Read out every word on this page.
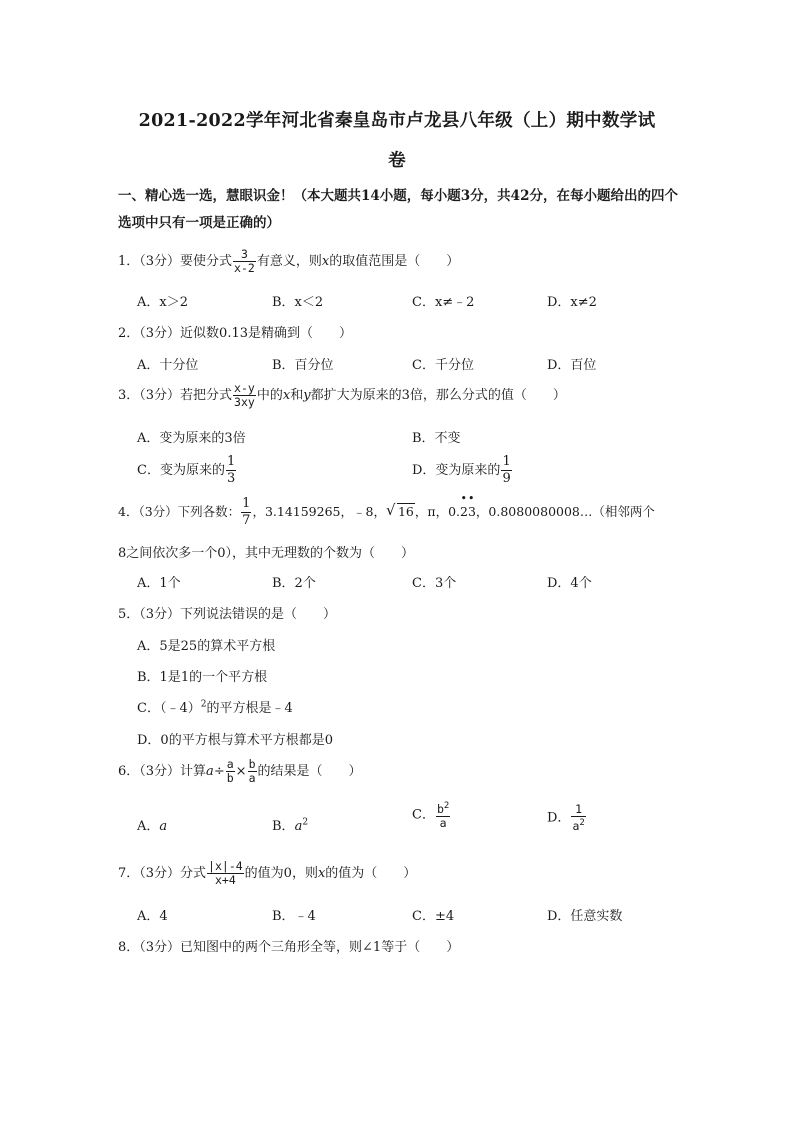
2021-2022学年河北省秦皇岛市卢龙县八年级（上）期中数学试
卷
一、精心选一选，慧眼识金！（本大题共14小题，每小题3分，共42分，在每小题给出的四个选项中只有一项是正确的）
1．（3分）要使分式 $\frac{3}{x-2}$ 有意义，则x的取值范围是（　　）
A．x＞2	B．x＜2	C．x≠﹣2	D．x≠2
2．（3分）近似数0.13是精确到（　　）
A．十分位	B．百分位	C．千分位	D．百位
3．（3分）若把分式 $\frac{x-y}{3xy}$ 中的x和y都扩大为原来的3倍，那么分式的值（　　）
A．变为原来的3倍	B．不变
C．变为原来的 $\frac{1}{3}$	D．变为原来的 $\frac{1}{9}$
4．（3分）下列各数： $\frac{1}{7}$ ，3.14159265，﹣8， √ 16，π，0.
••
23，0.8080080008…（相邻两个
8之间依次多一个0），其中无理数的个数为（　　）
A．1个	B．2个	C．3个	D．4个
5．（3分）下列说法错误的是（　　）
A．5是25的算术平方根
B．1是1的一个平方根
C．（﹣4）$^2$的平方根是﹣4
D．0的平方根与算术平方根都是0
6．（3分）计算$a\div \frac{a}{b} \times \frac{b}{a}$ 的结果是（　　）
A．a	B．$a^2$
C． $\frac{b^2}{a}$	D． $\frac{1}{a^2}$
7．（3分）分式 $\frac{|x|-4}{x+4}$ 的值为0，则x的值为（　　）
A．4	B．﹣4	C．±4	D．任意实数
8．（3分）已知图中的两个三角形全等，则∠1等于（　　）
